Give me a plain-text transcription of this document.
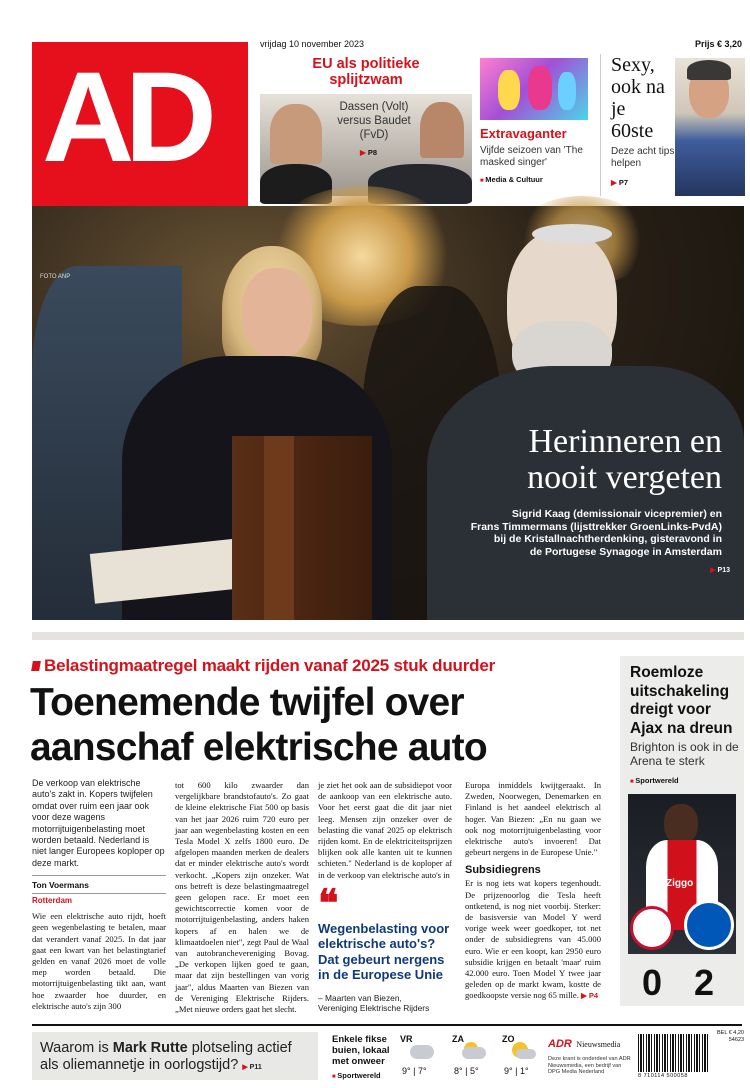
AD
vrijdag 10 november 2023	Prijs € 3,20
EU als politieke splijtzwam
Dassen (Volt) versus Baudet (FvD)
▶ P8
Extravaganter
Vijfde seizoen van 'The masked singer'
■ Media & Cultuur
Sexy, ook na je 60ste
Deze acht tips helpen
▶ P7
FOTO ANP
Herinneren en
nooit vergeten
Sigrid Kaag (demissionair vicepremier) en
Frans Timmermans (lijsttrekker GroenLinks-PvdA)
bij de Kristallnachtherdenking, gisteravond in
de Portugese Synagoge in Amsterdam
▶ P13
Belastingmaatregel maakt rijden vanaf 2025 stuk duurder
Toenemende twijfel over
aanschaf elektrische auto
De verkoop van elektrische auto's zakt in. Kopers twijfelen omdat over ruim een jaar ook voor deze wagens motorrijtuigenbelasting moet worden betaald. Nederland is niet langer Europees koploper op deze markt.
Ton Voermans
Rotterdam
Wie een elektrische auto rijdt, hoeft geen wegenbelasting te betalen, maar dat verandert vanaf 2025. In dat jaar gaat een kwart van het belastingtarief gelden en vanaf 2026 moet de volle mep worden betaald. Die motorrijtuigenbelasting tikt aan, want hoe zwaarder hoe duurder, en elektrische auto's zijn 300
tot 600 kilo zwaarder dan vergelijkbare brandstofauto's. Zo gaat de kleine elektrische Fiat 500 op basis van het jaar 2026 ruim 720 euro per jaar aan wegenbelasting kosten en een Tesla Model X zelfs 1800 euro. De afgelopen maanden merken de dealers dat er minder elektrische auto's wordt verkocht. „Kopers zijn onzeker. Wat ons betreft is deze belastingmaatregel geen gelopen race. Er moet een gewichtscorrectie komen voor de motorrijtuigenbelasting, anders haken kopers af en halen we de klimaatdoelen niet", zegt Paul de Waal van autobranchevereniging Bovag. „De verkopen lijken goed te gaan, maar dat zijn bestellingen van vorig jaar", aldus Maarten van Biezen van de Vereniging Elektrische Rijders. „Met nieuwe orders gaat het slecht.
je ziet het ook aan de subsidiepot voor de aankoop van een elektrische auto. Voor het eerst gaat die dit jaar niet leeg. Mensen zijn onzeker over de belasting die vanaf 2025 op elektrisch rijden komt. En de elektriciteitsprijzen blijken ook alle kanten uit te kunnen schieten." Nederland is de koploper af in de verkoop van elektrische auto's in
❝
Wegenbelasting voor elektrische auto's? Dat gebeurt nergens in de Europese Unie
– Maarten van Biezen,
Vereniging Elektrische Rijders
Europa inmiddels kwijtgeraakt. In Zweden, Noorwegen, Denemarken en Finland is het aandeel elektrisch al hoger. Van Biezen: „En nu gaan we ook nog motorrijtuigenbelasting voor elektrische auto's invoeren! Dat gebeurt nergens in de Europese Unie."
Subsidiegrens
Er is nog iets wat kopers tegenhoudt. De prijzenoorlog die Tesla heeft ontketend, is nog niet voorbij. Sterker: de basisversie van Model Y werd vorige week weer goedkoper, tot net onder de subsidiegrens van 45.000 euro. Wie er een koopt, kan 2950 euro subsidie krijgen en betaalt 'maar' ruim 42.000 euro. Toen Model Y twee jaar geleden op de markt kwam, kostte de goedkoopste versie nog 65 mille. ▶ P4
Roemloze uitschakeling dreigt voor Ajax na dreun
Brighton is ook in de Arena te sterk
■ Sportwereld
Ziggo
0 2
Waarom is Mark Rutte plotseling actief als oliemannetje in oorlogstijd? ▶ P11
Enkele fikse buien, lokaal met onweer
■ Sportwereld
VR
9° | 7°
ZA
8° | 5°
ZO
9° | 1°
ADR Nieuwsmedia
Deze krant is onderdeel van ADR Nieuwsmedia, een bedrijf van DPG Media Nederland
BEL € 4,20
54623
8 710114 500058
